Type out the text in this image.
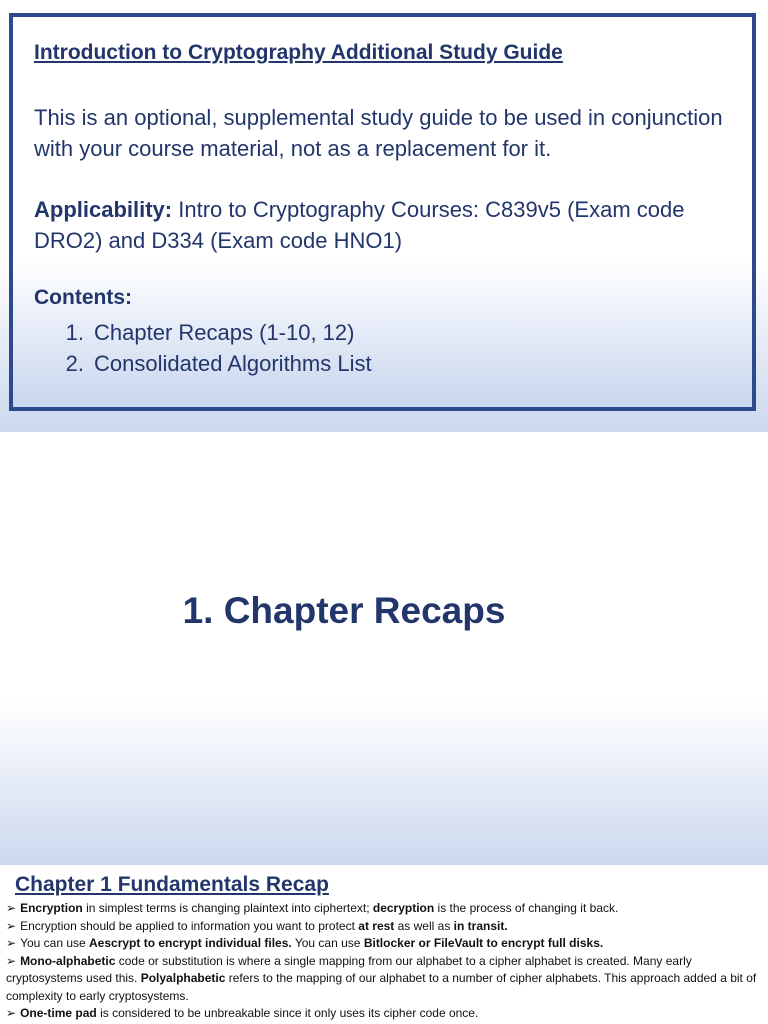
Introduction to Cryptography Additional Study Guide

This is an optional, supplemental study guide to be used in conjunction with your course material, not as a replacement for it.

Applicability: Intro to Cryptography Courses: C839v5 (Exam code DRO2) and D334 (Exam code HNO1)

Contents:
1. Chapter Recaps (1-10, 12)
2. Consolidated Algorithms List
1. Chapter Recaps
Chapter 1 Fundamentals Recap
➢ Encryption in simplest terms is changing plaintext into ciphertext; decryption is the process of changing it back.
➢ Encryption should be applied to information you want to protect at rest as well as in transit.
➢ You can use Aescrypt to encrypt individual files. You can use Bitlocker or FileVault to encrypt full disks.
➢ Mono-alphabetic code or substitution is where a single mapping from our alphabet to a cipher alphabet is created. Many early cryptosystems used this. Polyalphabetic refers to the mapping of our alphabet to a number of cipher alphabets. This approach added a bit of complexity to early cryptosystems.
➢ One-time pad is considered to be unbreakable since it only uses its cipher code once.
